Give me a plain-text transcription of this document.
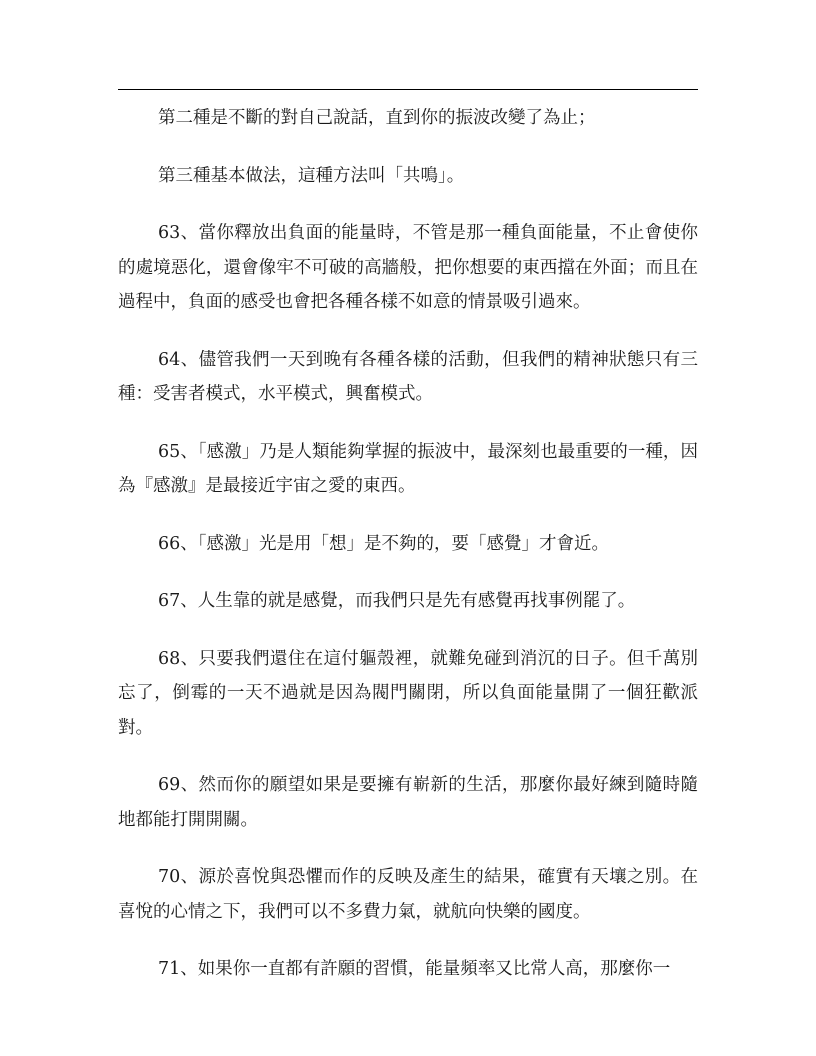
第二種是不斷的對自己說話，直到你的振波改變了為止；

第三種基本做法，這種方法叫「共鳴」。

63、當你釋放出負面的能量時，不管是那一種負面能量，不止會使你的處境惡化，還會像牢不可破的高牆般，把你想要的東西擋在外面；而且在過程中，負面的感受也會把各種各樣不如意的情景吸引過來。

64、儘管我們一天到晚有各種各樣的活動，但我們的精神狀態只有三種：受害者模式，水平模式，興奮模式。

65、「感激」乃是人類能夠掌握的振波中，最深刻也最重要的一種，因為『感激』是最接近宇宙之愛的東西。

66、「感激」光是用「想」是不夠的，要「感覺」才會近。

67、人生靠的就是感覺，而我們只是先有感覺再找事例罷了。

68、只要我們還住在這付軀殼裡，就難免碰到消沉的日子。但千萬別忘了，倒霉的一天不過就是因為閥門關閉，所以負面能量開了一個狂歡派對。

69、然而你的願望如果是要擁有嶄新的生活，那麼你最好練到隨時隨地都能打開開關。

70、源於喜悅與恐懼而作的反映及產生的結果，確實有天壤之別。在喜悅的心情之下，我們可以不多費力氣，就航向快樂的國度。

71、如果你一直都有許願的習慣，能量頻率又比常人高，那麼你一
